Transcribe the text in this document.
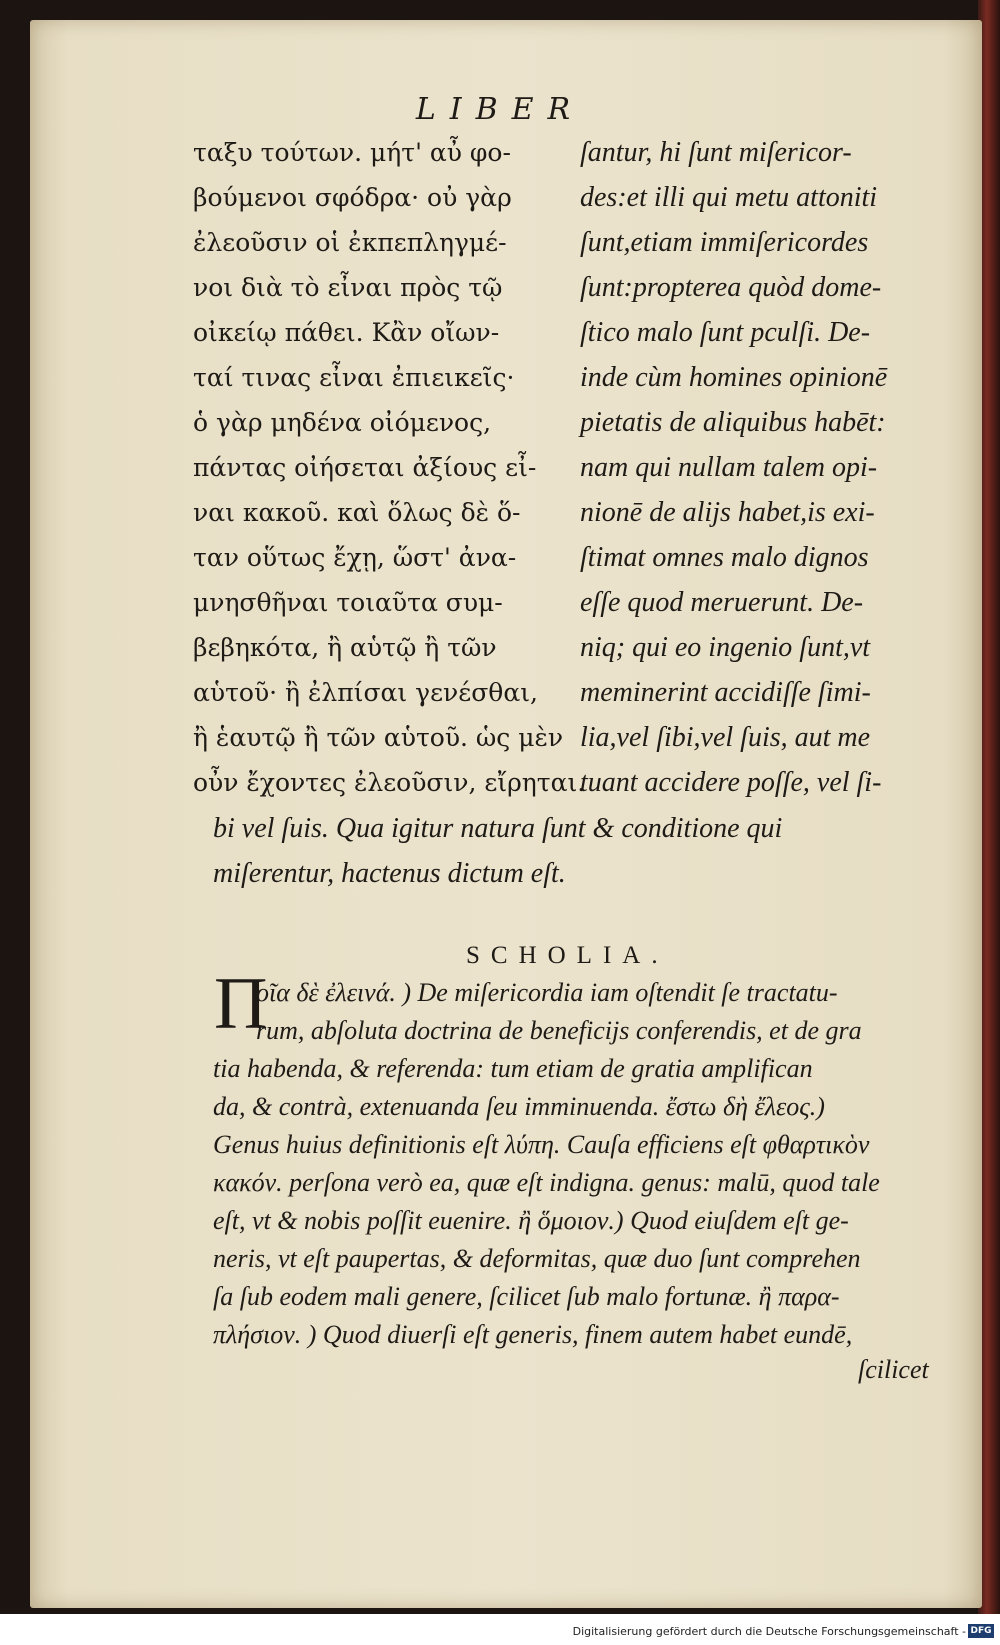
LIBER
ταξυ τούτων. μήτ' αὖ φο-
βούμενοι σφόδρα· οὐ γὰρ
ἐλεοῦσιν οἱ ἐκπεπληγμέ-
νοι διὰ τὸ εἶναι πρὸς τῷ
οἰκείῳ πάθει. Κἂν οἴων-
ταί τινας εἶναι ἐπιεικεῖς·
ὁ γὰρ μηδένα οἰόμενος,
πάντας οἰήσεται ἀξίους εἶ-
ναι κακοῦ. καὶ ὅλως δὲ ὅ-
ταν οὕτως ἔχῃ, ὥστ' ἀνα-
μνησθῆναι τοιαῦτα συμ-
βεβηκότα, ἢ αὑτῷ ἢ τῶν
αὑτοῦ· ἢ ἐλπίσαι γενέσθαι,
ἢ ἑαυτῷ ἢ τῶν αὑτοῦ. ὡς μὲν
οὖν ἔχοντες ἐλεοῦσιν, εἴρηται.
ſantur, hi ſunt miſericor-
des:et illi qui metu attoniti
ſunt,etiam immiſericordes
ſunt:propterea quòd dome-
ſtico malo ſunt pculſi. De-
inde cùm homines opinionē
pietatis de aliquibus habēt:
nam qui nullam talem opi-
nionē de alijs habet,is exi-
ſtimat omnes malo dignos
eſſe quod meruerunt. De-
niq; qui eo ingenio ſunt,vt
meminerint accidiſſe ſimi-
lia,vel ſibi,vel ſuis, aut me
tuant accidere poſſe, vel ſi-
bi vel ſuis. Qua igitur natura ſunt & conditione qui
miſerentur, hactenus dictum eſt.
SCHOLIA.
Π
οῖα δὲ ἐλεινά. ) De miſericordia iam oſtendit ſe tractatu-
rum, abſoluta doctrina de beneficijs conferendis, et de gra
tia habenda, & referenda: tum etiam de gratia amplifican
da, & contrà, extenuanda ſeu imminuenda. ἔστω δὴ ἔλεος.)
Genus huius definitionis eſt λύπη. Cauſa efficiens eſt φθαρτικὸν
κακόν. perſona verò ea, quæ eſt indigna. genus: malū, quod tale
eſt, vt & nobis poſſit euenire. ἢ ὅμοιον.) Quod eiuſdem eſt ge-
neris, vt eſt paupertas, & deformitas, quæ duo ſunt comprehen
ſa ſub eodem mali genere, ſcilicet ſub malo fortunæ. ἢ παρα-
πλήσιον. ) Quod diuerſi eſt generis, finem autem habet eundē,
ſcilicet
Digitalisierung gefördert durch die Deutsche Forschungsgemeinschaft - DFG
